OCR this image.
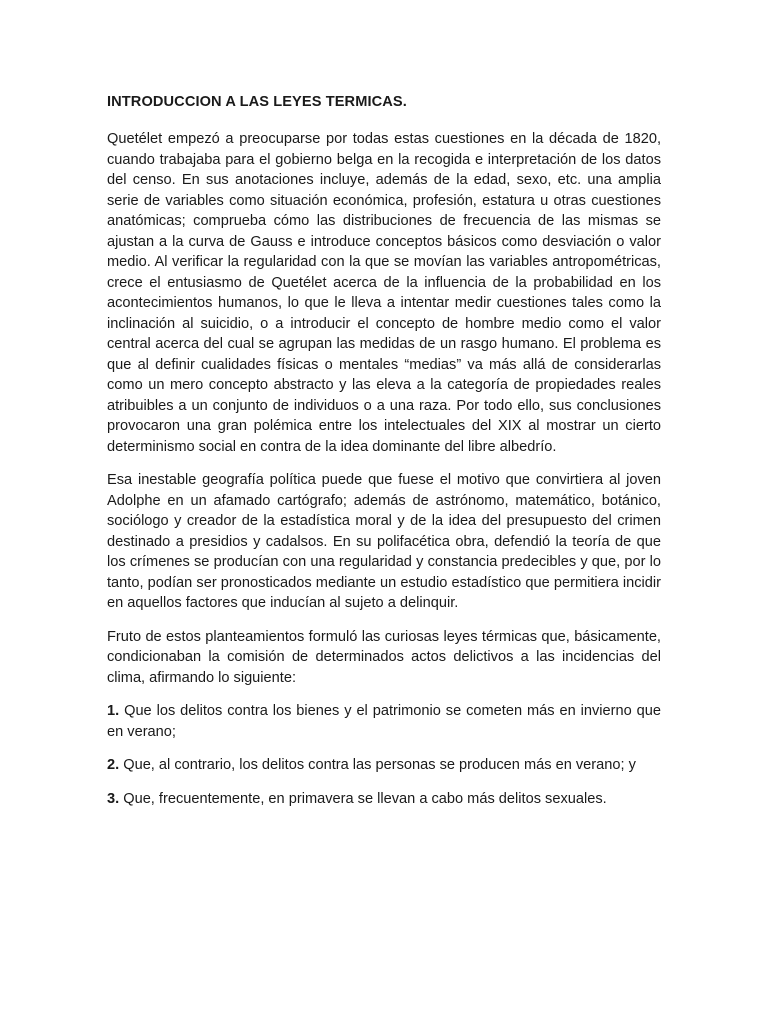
INTRODUCCION A LAS LEYES TERMICAS.

Quetélet empezó a preocuparse por todas estas cuestiones en la década de 1820, cuando trabajaba para el gobierno belga en la recogida e interpretación de los datos del censo. En sus anotaciones incluye, además de la edad, sexo, etc. una amplia serie de variables como situación económica, profesión, estatura u otras cuestiones anatómicas; comprueba cómo las distribuciones de frecuencia de las mismas se ajustan a la curva de Gauss e introduce conceptos básicos como desviación o valor medio. Al verificar la regularidad con la que se movían las variables antropométricas, crece el entusiasmo de Quetélet acerca de la influencia de la probabilidad en los acontecimientos humanos, lo que le lleva a intentar medir cuestiones tales como la inclinación al suicidio, o a introducir el concepto de hombre medio como el valor central acerca del cual se agrupan las medidas de un rasgo humano. El problema es que al definir cualidades físicas o mentales “medias” va más allá de considerarlas como un mero concepto abstracto y las eleva a la categoría de propiedades reales atribuibles a un conjunto de individuos o a una raza. Por todo ello, sus conclusiones provocaron una gran polémica entre los intelectuales del XIX al mostrar un cierto determinismo social en contra de la idea dominante del libre albedrío.

Esa inestable geografía política puede que fuese el motivo que convirtiera al joven Adolphe en un afamado cartógrafo; además de astrónomo, matemático, botánico, sociólogo y creador de la estadística moral y de la idea del presupuesto del crimen destinado a presidios y cadalsos. En su polifacética obra, defendió la teoría de que los crímenes se producían con una regularidad y constancia predecibles y que, por lo tanto, podían ser pronosticados mediante un estudio estadístico que permitiera incidir en aquellos factores que inducían al sujeto a delinquir.

Fruto de estos planteamientos formuló las curiosas leyes térmicas que, básicamente, condicionaban la comisión de determinados actos delictivos a las incidencias del clima, afirmando lo siguiente:

1. Que los delitos contra los bienes y el patrimonio se cometen más en invierno que en verano;

2. Que, al contrario, los delitos contra las personas se producen más en verano; y

3. Que, frecuentemente, en primavera se llevan a cabo más delitos sexuales.
